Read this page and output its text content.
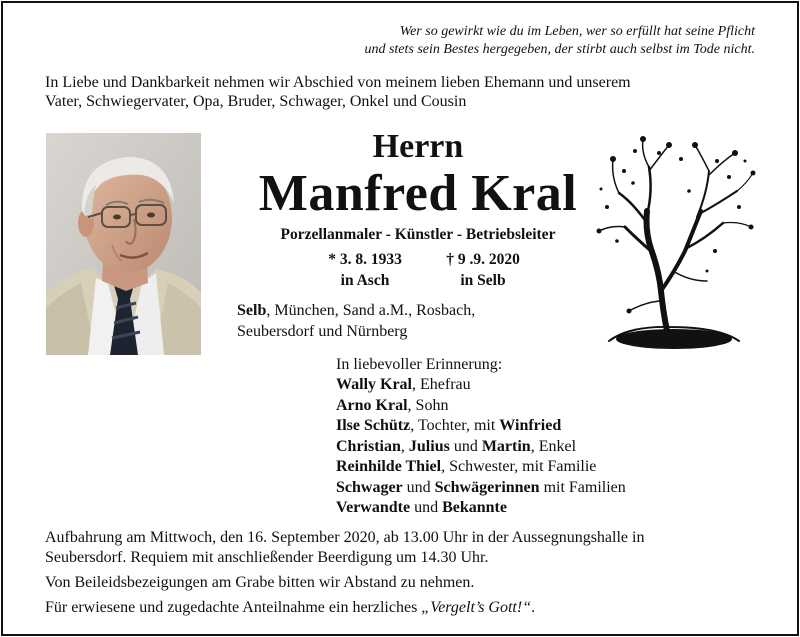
Wer so gewirkt wie du im Leben, wer so erfüllt hat seine Pflicht
und stets sein Bestes hergegeben, der stirbt auch selbst im Tode nicht.
In Liebe und Dankbarkeit nehmen wir Abschied von meinem lieben Ehemann und unserem
Vater, Schwiegervater, Opa, Bruder, Schwager, Onkel und Cousin
Herrn
Manfred Kral
Porzellanmaler - Künstler - Betriebsleiter
* 3. 8. 1933
in Asch
† 9 .9. 2020
in Selb
Selb, München, Sand a.M., Rosbach,
Seubersdorf und Nürnberg
In liebevoller Erinnerung:
Wally Kral, Ehefrau
Arno Kral, Sohn
Ilse Schütz, Tochter, mit Winfried
Christian, Julius und Martin, Enkel
Reinhilde Thiel, Schwester, mit Familie
Schwager und Schwägerinnen mit Familien
Verwandte und Bekannte

Aufbahrung am Mittwoch, den 16. September 2020, ab 13.00 Uhr in der Aussegnungshalle in

Seubersdorf. Requiem mit anschließender Beerdigung um 14.30 Uhr.

Von Beileidsbezeigungen am Grabe bitten wir Abstand zu nehmen.

Für erwiesene und zugedachte Anteilnahme ein herzliches „Vergelt’s Gott!“.
